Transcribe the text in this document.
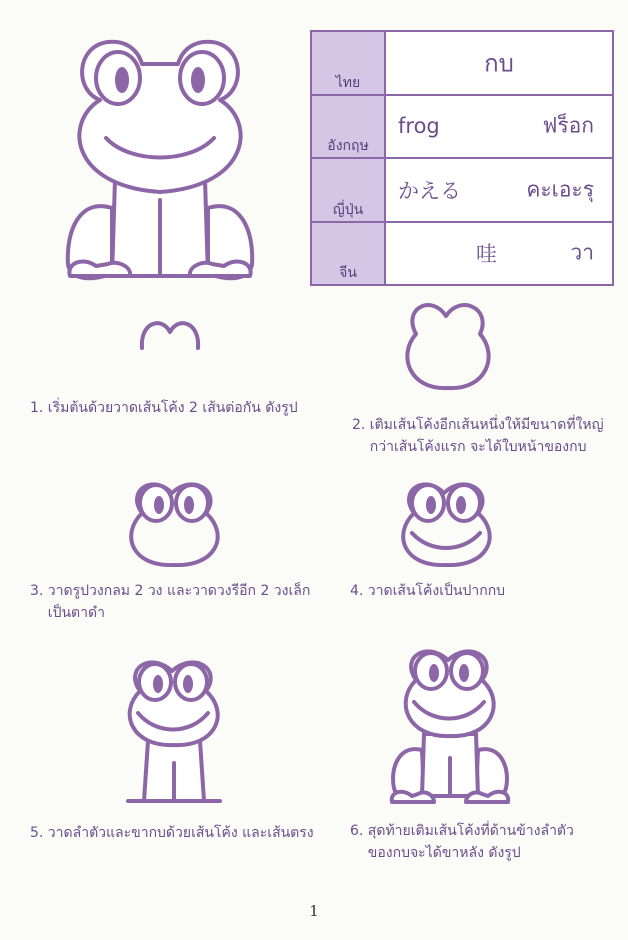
ไทย	กบ

อังกฤษ	frog ฟร็อก

ญี่ปุ่น	かえる คะเอะรุ

จีน	哇 วา

1. เริ่มต้นด้วยวาดเส้นโค้ง 2 เส้นต่อกัน ดังรูป

2. เติมเส้นโค้งอีกเส้นหนึ่งให้มีขนาดที่ใหญ่
กว่าเส้นโค้งแรก จะได้ใบหน้าของกบ

3. วาดรูปวงกลม 2 วง และวาดวงรีอีก 2 วงเล็ก
เป็นตาดำ

4. วาดเส้นโค้งเป็นปากกบ

5. วาดลำตัวและขากบด้วยเส้นโค้ง และเส้นตรง	6. สุดท้ายเติมเส้นโค้งที่ด้านข้างลำตัว
ของกบจะได้ขาหลัง ดังรูป

1
